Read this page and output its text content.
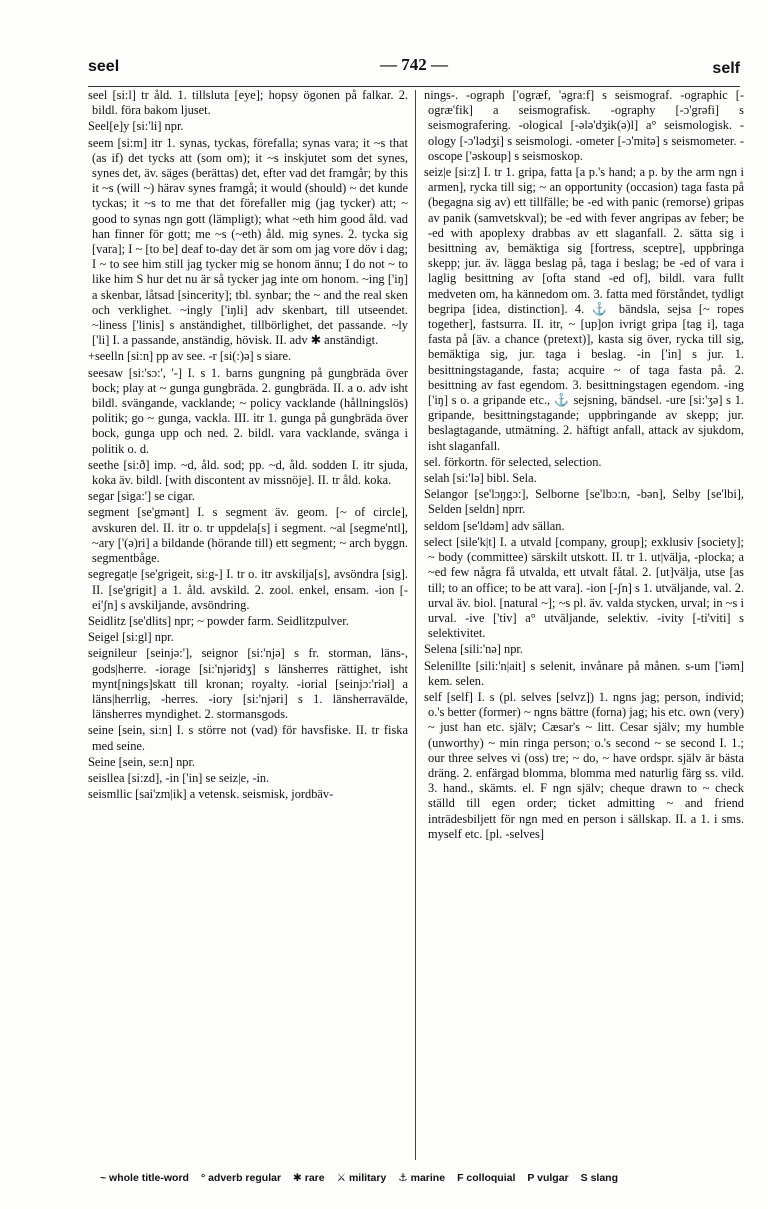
seel	— 742 —	self

seel [si:l] tr åld. 1. tillsluta [eye]; hopsy ögonen på falkar. 2. bildl. föra bakom ljuset.

Seel[e]y [si:'li] npr.

seem [si:m] itr 1. synas, tyckas, förefalla; synas vara; it ~s that (as if) det tycks att (som om); it ~s inskjutet som det synes, synes det, äv. säges (berättas) det, efter vad det framgår; by this it ~s (will ~) härav synes framgå; it would (should) ~ det kunde tyckas; it ~s to me that det förefaller mig (jag tycker) att; ~ good to synas ngn gott (lämpligt); what ~eth him good åld. vad han finner för gott; me ~s (~eth) åld. mig synes. 2. tycka sig [vara]; I ~ [to be] deaf to-day det är som om jag vore döv i dag; I ~ to see him still jag tycker mig se honom ännu; I do not ~ to like him S hur det nu är så tycker jag inte om honom. ~ing ['iŋ] a skenbar, låtsad [sincerity]; tbl. synbar; the ~ and the real sken och verklighet. ~ingly ['iŋli] adv skenbart, till utseendet. ~liness ['linis] s anständighet, tillbörlighet, det passande. ~ly ['li] I. a passande, anständig, hövisk. II. adv ✱ anständigt.

+seelln [si:n] pp av see. -r [si(:)ə] s siare.

seesaw [si:'sɔ:', '-] I. s 1. barns gungning på gungbräda över bock; play at ~ gunga gungbräda. 2. gungbräda. II. a o. adv isht bildl. svängande, vacklande; ~ policy vacklande (hållningslös) politik; go ~ gunga, vackla. III. itr 1. gunga på gungbräda över bock, gunga upp och ned. 2. bildl. vara vacklande, svänga i politik o. d.

seethe [si:ð] imp. ~d, åld. sod; pp. ~d, åld. sodden I. itr sjuda, koka äv. bildl. [with discontent av missnöje]. II. tr åld. koka.

segar [siga:'] se cigar.

segment [se'gmənt] I. s segment äv. geom. [~ of circle], avskuren del. II. itr o. tr uppdela[s] i segment. ~al [segme'ntl], ~ary ['(ə)ri] a bildande (hörande till) ett segment; ~ arch byggn. segmentbåge.

segregat|e [se'grigeit, si:g-] I. tr o. itr avskilja[s], avsöndra [sig]. II. [se'grigit] a 1. åld. avskild. 2. zool. enkel, ensam. -ion [-ei'ʃn] s avskiljande, avsöndring.

Seidlitz [se'dlits] npr; ~ powder farm. Seidlitzpulver.

Seigel [si:gl] npr.

seignileur [seinjə:'], seignor [si:'njə] s fr. storman, läns-, gods|herre. -iorage [si:'njəridʒ] s länsherres rättighet, isht mynt[nings]skatt till kronan; royalty. -iorial [seinjɔ:'riəl] a läns|herrlig, -herres. -iory [si:'njəri] s 1. länsherravälde, länsherres myndighet. 2. stormansgods.

seine [sein, si:n] I. s större not (vad) för havsfiske. II. tr fiska med seine.

Seine [sein, se:n] npr.

seisllea [si:zd], -in ['in] se seiz|e, -in.

seismllic [sai'zm|ik] a vetensk. seismisk, jordbäv-

nings-. -ograph ['ogræf, 'əgra:f] s seismograf. -ographic [-ogræ'fik] a seismografisk. -ography [-ɔ'grəfi] s seismografering. -ological [-ələ'dʒik(ə)l] a° seismologisk. -ology [-ɔ'lədʒi] s seismologi. -ometer [-ɔ'mitə] s seismometer. -oscope ['əskoup] s seismoskop.

seiz|e [si:z] I. tr 1. gripa, fatta [a p.'s hand; a p. by the arm ngn i armen], rycka till sig; ~ an opportunity (occasion) taga fasta på (begagna sig av) ett tillfälle; be -ed with panic (remorse) gripas av panik (samvetskval); be -ed with fever angripas av feber; be -ed with apoplexy drabbas av ett slaganfall. 2. sätta sig i besittning av, bemäktiga sig [fortress, sceptre], uppbringa skepp; jur. äv. lägga beslag på, taga i beslag; be -ed of vara i laglig besittning av [ofta stand -ed of], bildl. vara fullt medveten om, ha kännedom om. 3. fatta med förståndet, tydligt begripa [idea, distinction]. 4. ⚓ bändsla, sejsa [~ ropes together], fastsurra. II. itr, ~ [up]on ivrigt gripa [tag i], taga fasta på [äv. a chance (pretext)], kasta sig över, rycka till sig, bemäktiga sig, jur. taga i beslag. -in ['in] s jur. 1. besittningstagande, fasta; acquire ~ of taga fasta på. 2. besittning av fast egendom. 3. besittningstagen egendom. -ing ['iŋ] s o. a gripande etc., ⚓ sejsning, bändsel. -ure [si:'ʒə] s 1. gripande, besittningstagande; uppbringande av skepp; jur. beslagtagande, utmätning. 2. häftigt anfall, attack av sjukdom, isht slaganfall.

sel. förkortn. för selected, selection.

selah [si:'lə] bibl. Sela.

Selangor [se'lɔŋgɔ:], Selborne [se'lbɔ:n, -bən], Selby [se'lbi], Selden [seldn] nprr.

seldom [se'ldəm] adv sällan.

select [sile'k|t] I. a utvald [company, group]; exklusiv [society]; ~ body (committee) särskilt utskott. II. tr 1. ut|välja, -plocka; a ~ed few några få utvalda, ett utvalt fåtal. 2. [ut]välja, utse [as till; to an office; to be att vara]. -ion [-ʃn] s 1. utväljande, val. 2. urval äv. biol. [natural ~]; ~s pl. äv. valda stycken, urval; in ~s i urval. -ive ['tiv] a° utväljande, selektiv. -ivity [-ti'viti] s selektivitet.

Selena [sili:'nə] npr.

Selenillte [sili:'n|ait] s selenit, invånare på månen. s-um ['iəm] kem. selen.

self [self] I. s (pl. selves [selvz]) 1. ngns jag; person, individ; o.'s better (former) ~ ngns bättre (forna) jag; his etc. own (very) ~ just han etc. själv; Cæsar's ~ litt. Cesar själv; my humble (unworthy) ~ min ringa person; o.'s second ~ se second I. 1.; our three selves vi (oss) tre; ~ do, ~ have ordspr. själv är bästa dräng. 2. enfärgad blomma, blomma med naturlig färg ss. vild. 3. hand., skämts. el. F ngn själv; cheque drawn to ~ check ställd till egen order; ticket admitting ~ and friend inträdesbiljett för ngn med en person i sällskap. II. a 1. i sms. myself etc. [pl. -selves]

~ whole title-word ° adverb regular ✱ rare ⚔ military ⚓ marine F colloquial P vulgar S slang
